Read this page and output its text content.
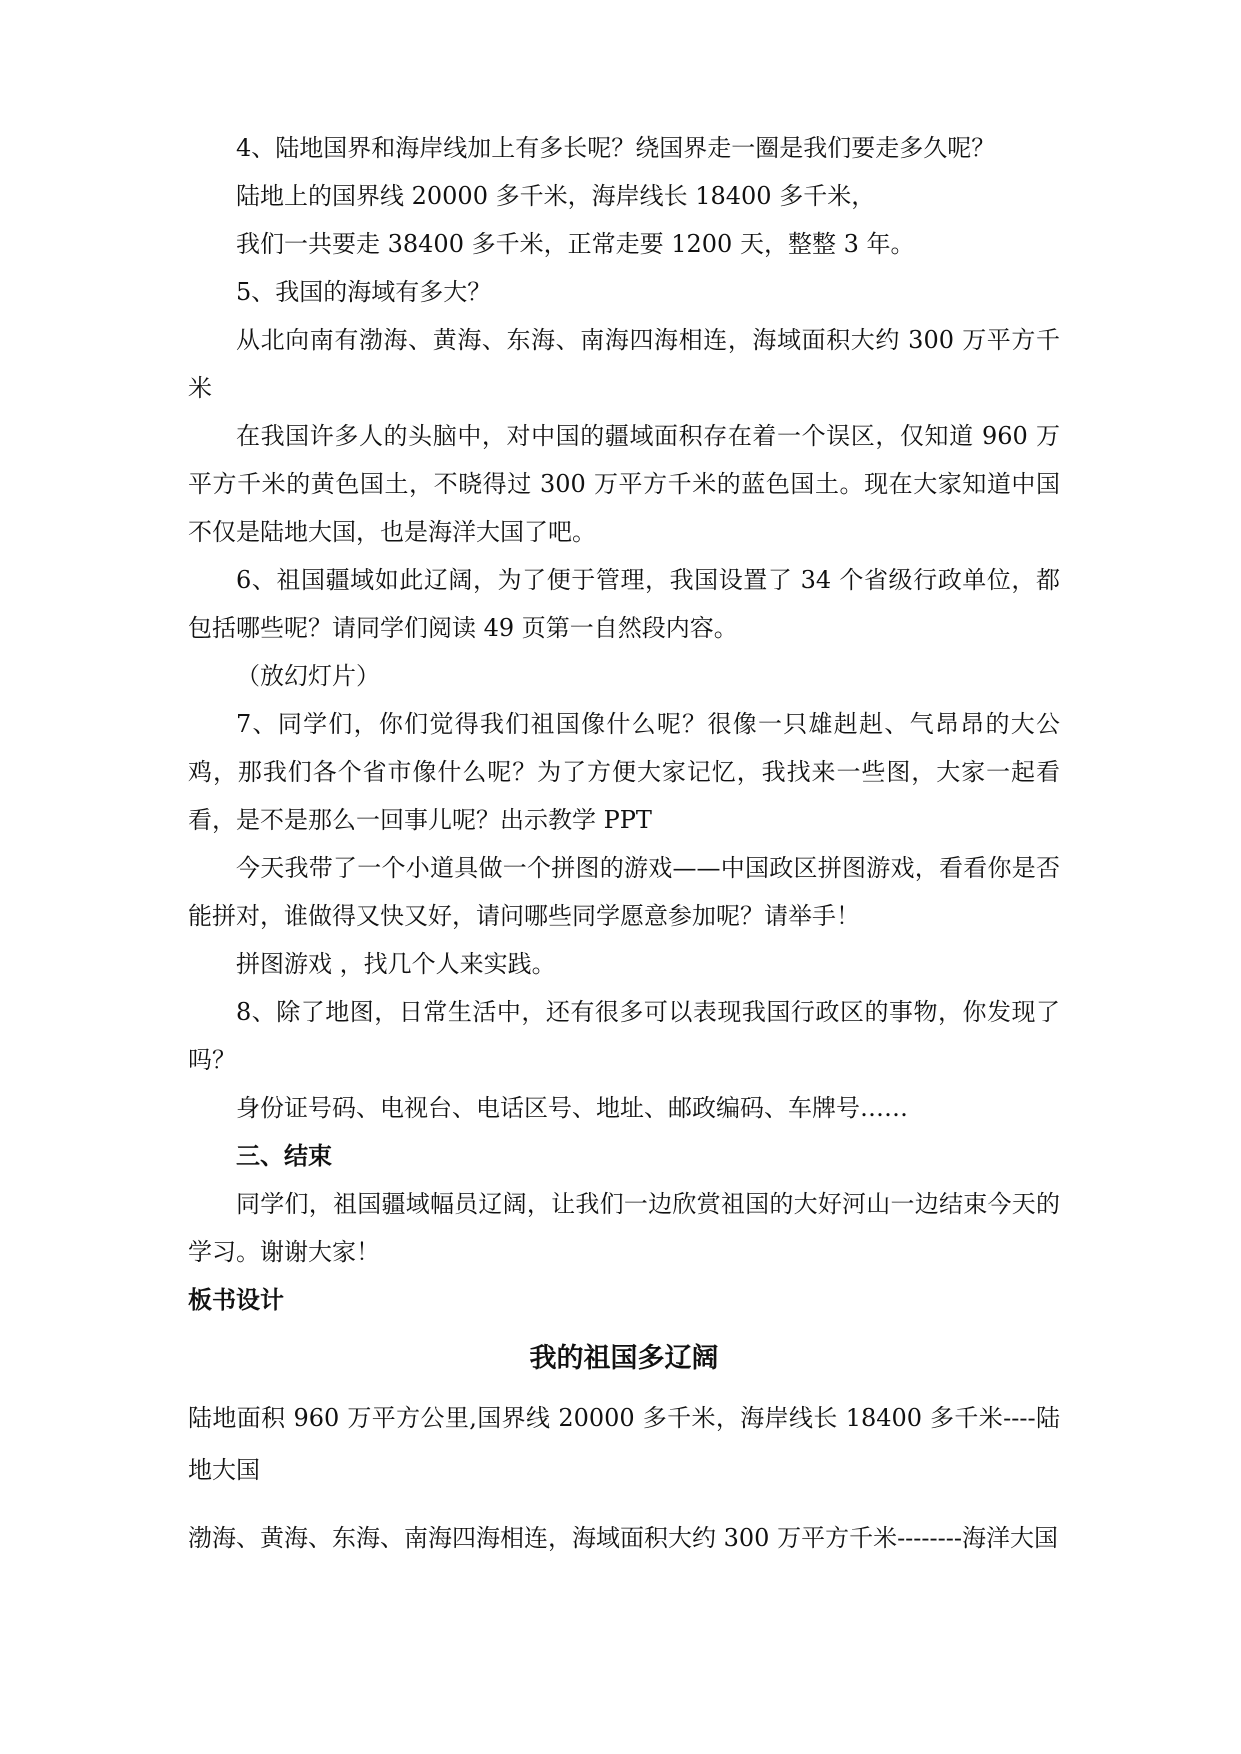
4、陆地国界和海岸线加上有多长呢？绕国界走一圈是我们要走多久呢？

陆地上的国界线 20000 多千米，海岸线长 18400 多千米，

我们一共要走 38400 多千米，正常走要 1200 天，整整 3 年。

5、我国的海域有多大？

从北向南有渤海、黄海、东海、南海四海相连，海域面积大约 300 万平方千米

在我国许多人的头脑中，对中国的疆域面积存在着一个误区，仅知道 960 万平方千米的黄色国土，不晓得过 300 万平方千米的蓝色国土。现在大家知道中国不仅是陆地大国，也是海洋大国了吧。

6、祖国疆域如此辽阔，为了便于管理，我国设置了 34 个省级行政单位，都包括哪些呢？请同学们阅读 49 页第一自然段内容。

（放幻灯片）

7、同学们，你们觉得我们祖国像什么呢？很像一只雄赳赳、气昂昂的大公鸡，那我们各个省市像什么呢？为了方便大家记忆，我找来一些图，大家一起看看，是不是那么一回事儿呢？出示教学 PPT

今天我带了一个小道具做一个拼图的游戏——中国政区拼图游戏，看看你是否能拼对，谁做得又快又好，请问哪些同学愿意参加呢？请举手！

拼图游戏 ，找几个人来实践。

8、除了地图，日常生活中，还有很多可以表现我国行政区的事物，你发现了吗？

身份证号码、电视台、电话区号、地址、邮政编码、车牌号……

三、结束

同学们，祖国疆域幅员辽阔，让我们一边欣赏祖国的大好河山一边结束今天的学习。谢谢大家！

板书设计

我的祖国多辽阔

陆地面积 960 万平方公里,国界线 20000 多千米，海岸线长 18400 多千米----陆地大国

渤海、黄海、东海、南海四海相连，海域面积大约 300 万平方千米--------海洋大国
